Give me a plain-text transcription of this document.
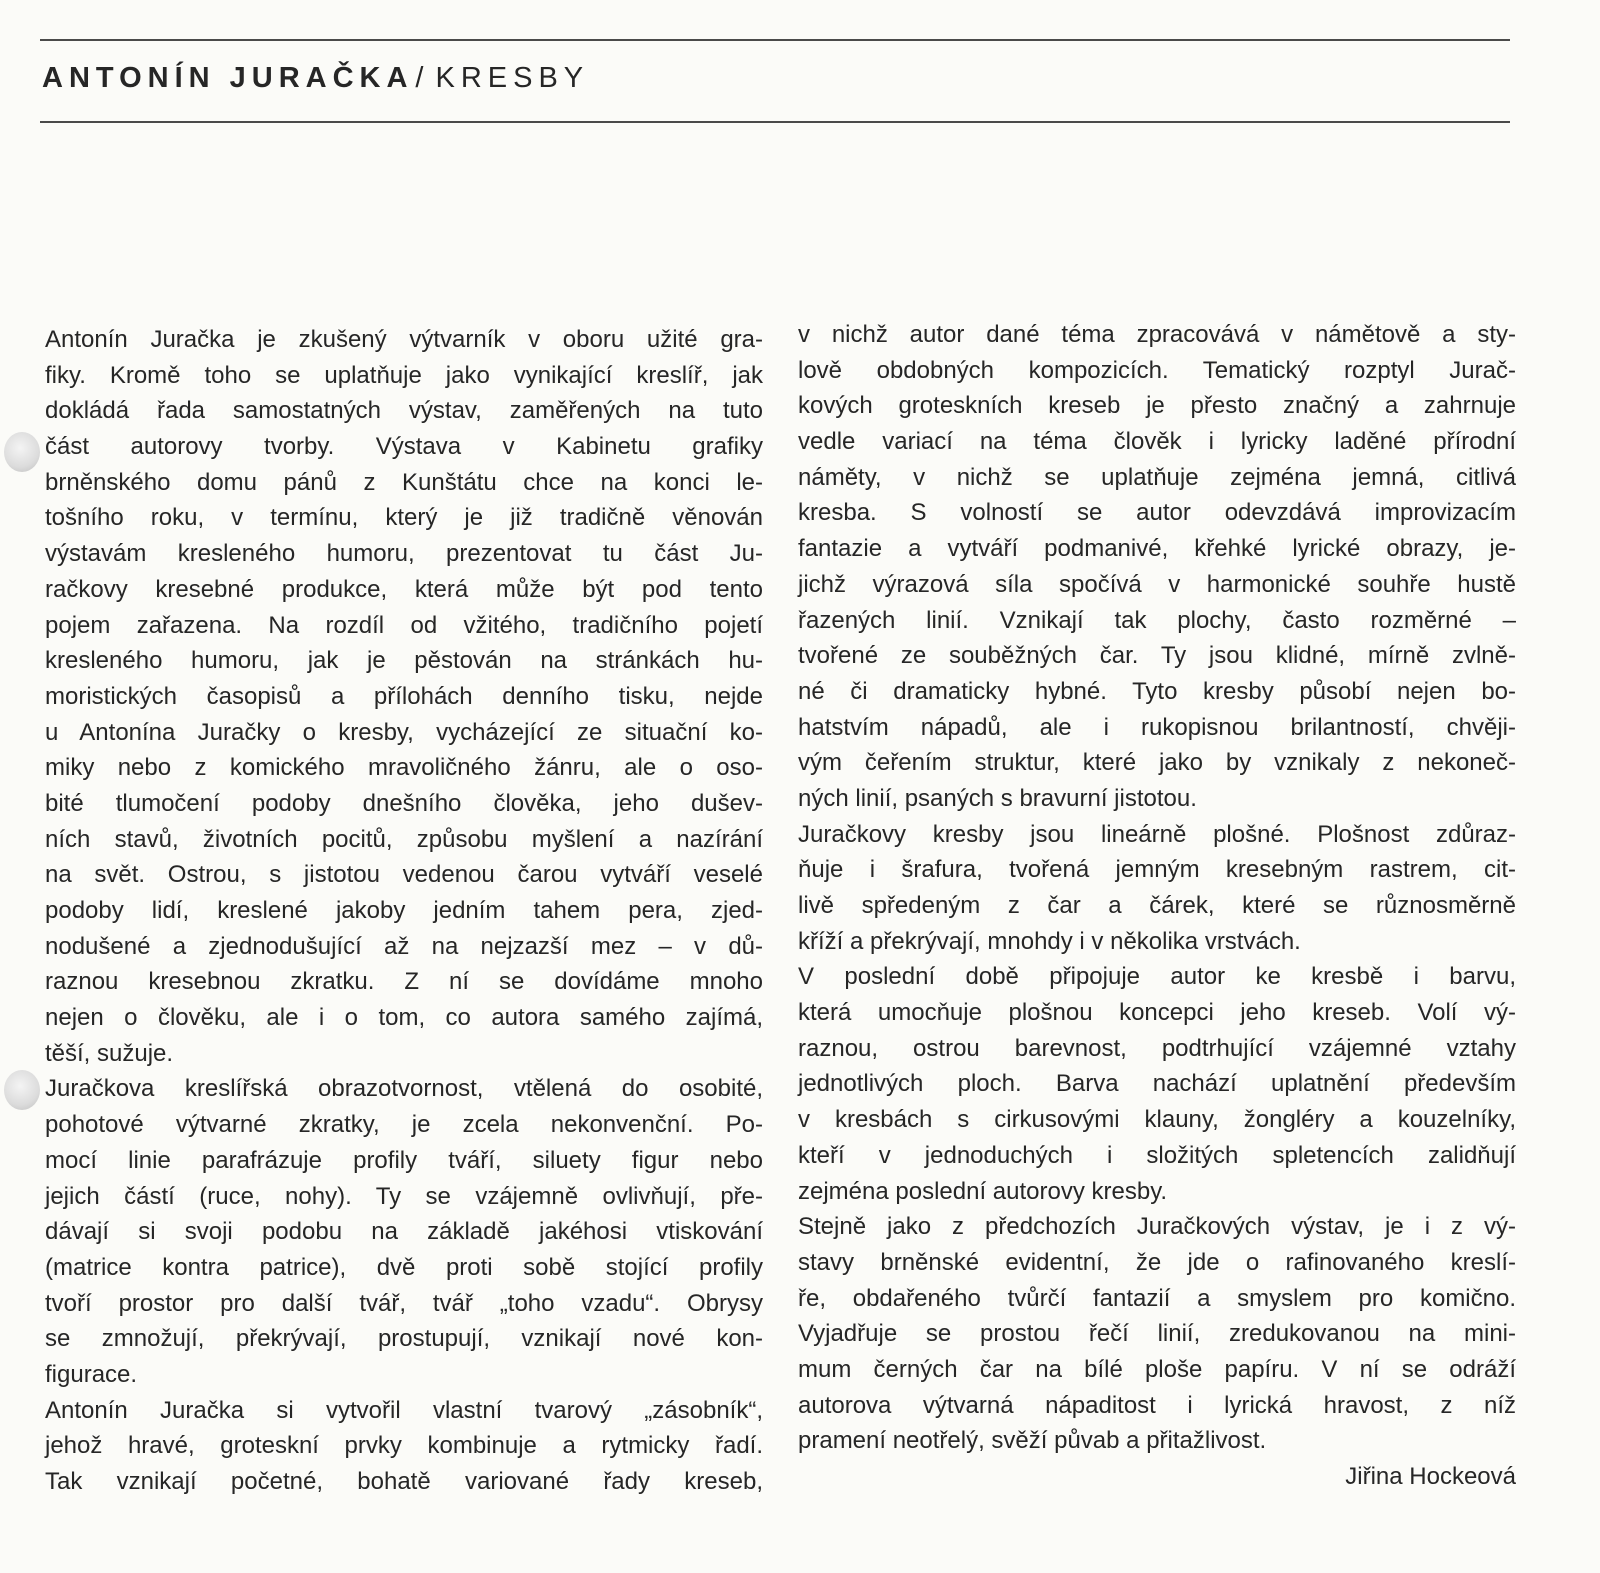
ANTONÍN JURAČKA/ KRESBY
Antonín Juračka je zkušený výtvarník v oboru užité gra-
fiky. Kromě toho se uplatňuje jako vynikající kreslíř, jak
dokládá řada samostatných výstav, zaměřených na tuto
část autorovy tvorby. Výstava v Kabinetu grafiky
brněnského domu pánů z Kunštátu chce na konci le-
tošního roku, v termínu, který je již tradičně věnován
výstavám kresleného humoru, prezentovat tu část Ju-
račkovy kresebné produkce, která může být pod tento
pojem zařazena. Na rozdíl od vžitého, tradičního pojetí
kresleného humoru, jak je pěstován na stránkách hu-
moristických časopisů a přílohách denního tisku, nejde
u Antonína Juračky o kresby, vycházející ze situační ko-
miky nebo z komického mravoličného žánru, ale o oso-
bité tlumočení podoby dnešního člověka, jeho dušev-
ních stavů, životních pocitů, způsobu myšlení a nazírání
na svět. Ostrou, s jistotou vedenou čarou vytváří veselé
podoby lidí, kreslené jakoby jedním tahem pera, zjed-
nodušené a zjednodušující až na nejzazší mez – v dů-
raznou kresebnou zkratku. Z ní se dovídáme mnoho
nejen o člověku, ale i o tom, co autora samého zajímá,
těší, sužuje.
Juračkova kreslířská obrazotvornost, vtělená do osobité,
pohotové výtvarné zkratky, je zcela nekonvenční. Po-
mocí linie parafrázuje profily tváří, siluety figur nebo
jejich částí (ruce, nohy). Ty se vzájemně ovlivňují, pře-
dávají si svoji podobu na základě jakéhosi vtiskování
(matrice kontra patrice), dvě proti sobě stojící profily
tvoří prostor pro další tvář, tvář „toho vzadu“. Obrysy
se zmnožují, překrývají, prostupují, vznikají nové kon-
figurace.
Antonín Juračka si vytvořil vlastní tvarový „zásobník“,
jehož hravé, groteskní prvky kombinuje a rytmicky řadí.
Tak vznikají početné, bohatě variované řady kreseb,
v nichž autor dané téma zpracovává v námětově a sty-
lově obdobných kompozicích. Tematický rozptyl Jurač-
kových groteskních kreseb je přesto značný a zahrnuje
vedle variací na téma člověk i lyricky laděné přírodní
náměty, v nichž se uplatňuje zejména jemná, citlivá
kresba. S volností se autor odevzdává improvizacím
fantazie a vytváří podmanivé, křehké lyrické obrazy, je-
jichž výrazová síla spočívá v harmonické souhře hustě
řazených linií. Vznikají tak plochy, často rozměrné –
tvořené ze souběžných čar. Ty jsou klidné, mírně zvlně-
né či dramaticky hybné. Tyto kresby působí nejen bo-
hatstvím nápadů, ale i rukopisnou brilantností, chvěji-
vým čeřením struktur, které jako by vznikaly z nekoneč-
ných linií, psaných s bravurní jistotou.
Juračkovy kresby jsou lineárně plošné. Plošnost zdůraz-
ňuje i šrafura, tvořená jemným kresebným rastrem, cit-
livě spředeným z čar a čárek, které se různosměrně
kříží a překrývají, mnohdy i v několika vrstvách.
V poslední době připojuje autor ke kresbě i barvu,
která umocňuje plošnou koncepci jeho kreseb. Volí vý-
raznou, ostrou barevnost, podtrhující vzájemné vztahy
jednotlivých ploch. Barva nachází uplatnění především
v kresbách s cirkusovými klauny, žongléry a kouzelníky,
kteří v jednoduchých i složitých spletencích zalidňují
zejména poslední autorovy kresby.
Stejně jako z předchozích Juračkových výstav, je i z vý-
stavy brněnské evidentní, že jde o rafinovaného kreslí-
ře, obdařeného tvůrčí fantazií a smyslem pro komično.
Vyjadřuje se prostou řečí linií, zredukovanou na mini-
mum černých čar na bílé ploše papíru. V ní se odráží
autorova výtvarná nápaditost i lyrická hravost, z níž
pramení neotřelý, svěží půvab a přitažlivost.
Jiřina Hockeová
